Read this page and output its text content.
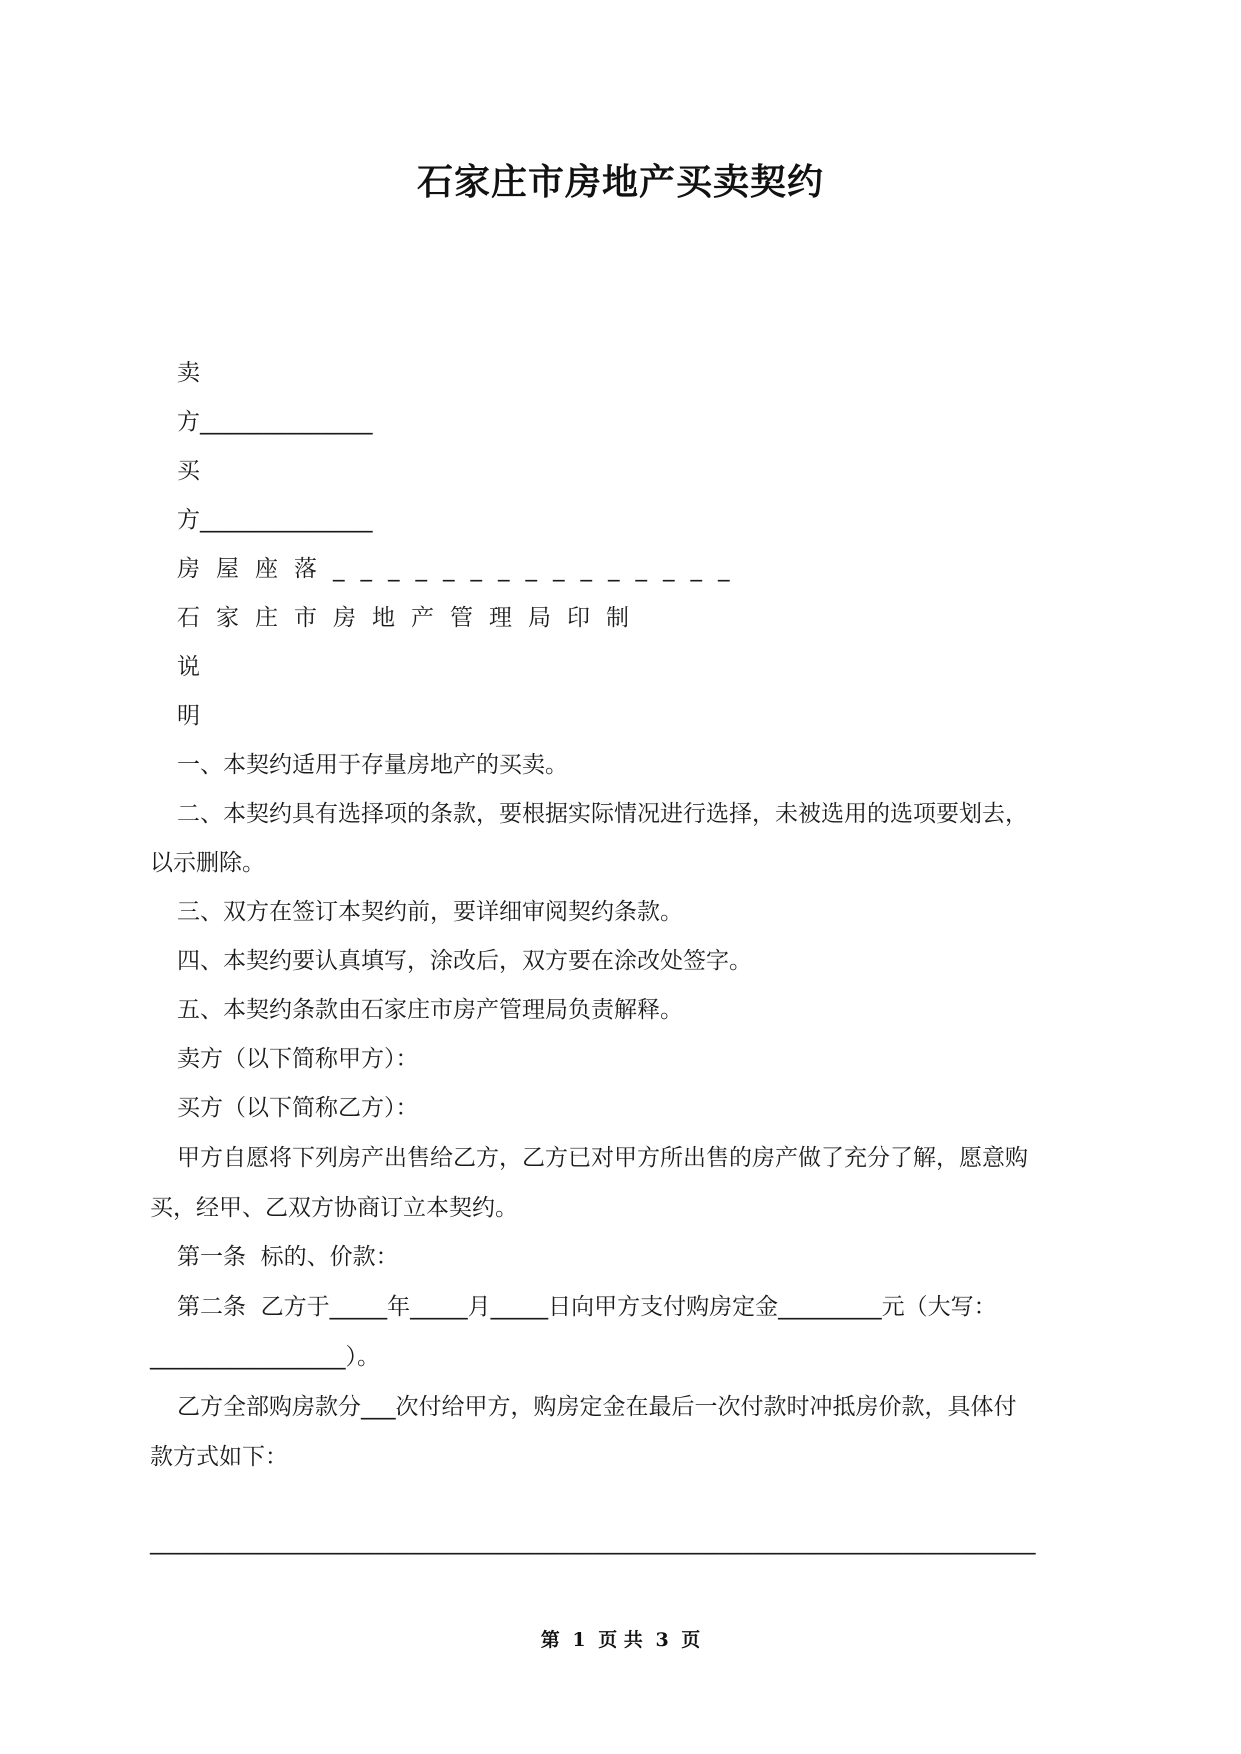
石家庄市房地产买卖契约

卖

方_______________

买

方_______________

房屋座落_______________

石家庄市房地产管理局印制

说

明

一、本契约适用于存量房地产的买卖。

二、本契约具有选择项的条款，要根据实际情况进行选择，未被选用的选项要划去，

以示删除。

三、双方在签订本契约前，要详细审阅契约条款。

四、本契约要认真填写，涂改后，双方要在涂改处签字。

五、本契约条款由石家庄市房产管理局负责解释。

卖方（以下简称甲方）：

买方（以下简称乙方）：

甲方自愿将下列房产出售给乙方，乙方已对甲方所出售的房产做了充分了解，愿意购

买，经甲、乙双方协商订立本契约。

第一条  标的、价款：

第二条  乙方于_____年_____月_____日向甲方支付购房定金_________元（大写：

_________________）。

乙方全部购房款分___次付给甲方，购房定金在最后一次付款时冲抵房价款，具体付

款方式如下：

_____________________________________________________________________________

第 1 页 共 3 页
